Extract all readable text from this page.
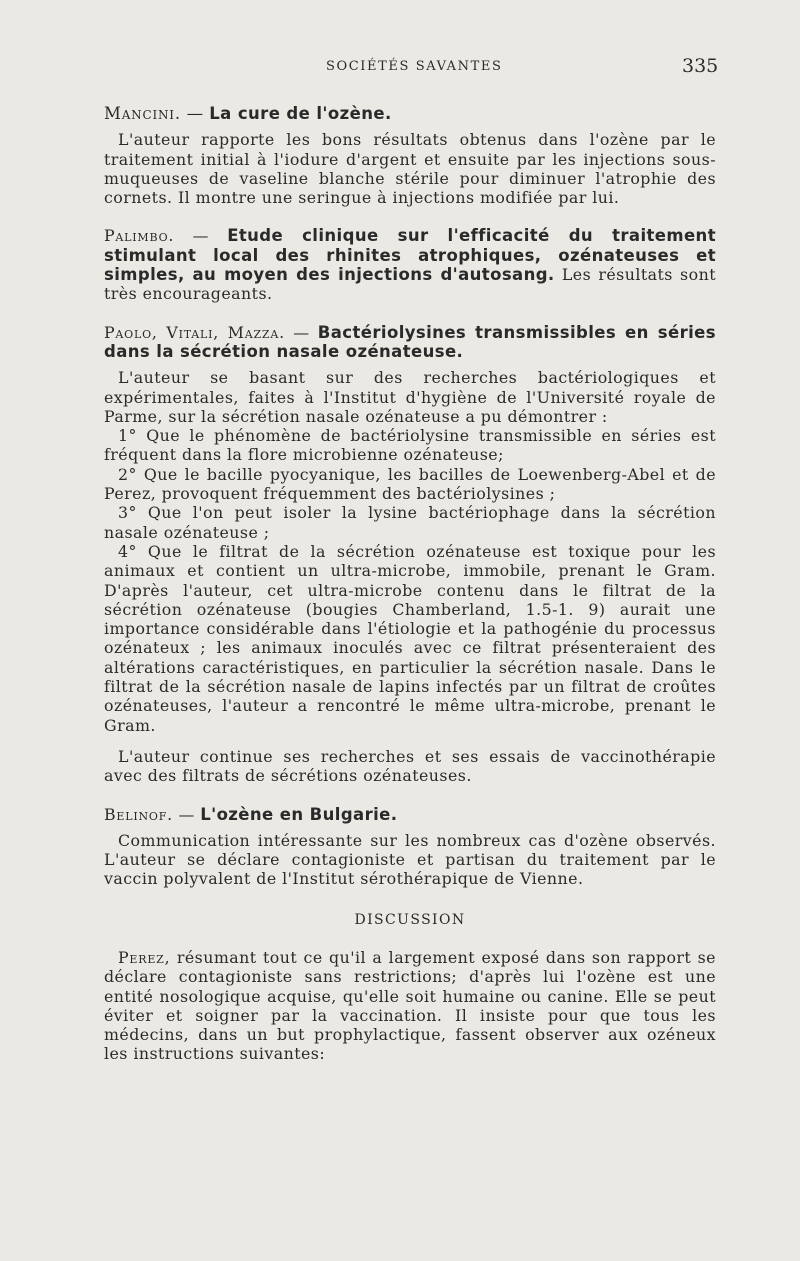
SOCIÉTÉS SAVANTES	335

Mancini. — La cure de l'ozène.

L'auteur rapporte les bons résultats obtenus dans l'ozène par le traitement initial à l'iodure d'argent et ensuite par les injections sous-muqueuses de vaseline blanche stérile pour diminuer l'atrophie des cornets. Il montre une seringue à injections modifiée par lui.

Palimbo. — Etude clinique sur l'efficacité du traitement stimulant local des rhinites atrophiques, ozénateuses et simples, au moyen des injections d'autosang. Les résultats sont très encourageants.

Paolo, Vitali, Mazza. — Bactériolysines transmissibles en séries dans la sécrétion nasale ozénateuse.

L'auteur se basant sur des recherches bactériologiques et expérimentales, faites à l'Institut d'hygiène de l'Université royale de Parme, sur la sécrétion nasale ozénateuse a pu démontrer :

1° Que le phénomène de bactériolysine transmissible en séries est fréquent dans la flore microbienne ozénateuse;

2° Que le bacille pyocyanique, les bacilles de Loewenberg-Abel et de Perez, provoquent fréquemment des bactériolysines ;

3° Que l'on peut isoler la lysine bactériophage dans la sécrétion nasale ozénateuse ;

4° Que le filtrat de la sécrétion ozénateuse est toxique pour les animaux et contient un ultra-microbe, immobile, prenant le Gram. D'après l'auteur, cet ultra-microbe contenu dans le filtrat de la sécrétion ozénateuse (bougies Chamberland, 1.5-1. 9) aurait une importance considérable dans l'étiologie et la pathogénie du processus ozénateux ; les animaux inoculés avec ce filtrat présenteraient des altérations caractéristiques, en particulier la sécrétion nasale. Dans le filtrat de la sécrétion nasale de lapins infectés par un filtrat de croûtes ozénateuses, l'auteur a rencontré le même ultra-microbe, prenant le Gram.

L'auteur continue ses recherches et ses essais de vaccinothérapie avec des filtrats de sécrétions ozénateuses.

Belinof. — L'ozène en Bulgarie.

Communication intéressante sur les nombreux cas d'ozène observés. L'auteur se déclare contagioniste et partisan du traitement par le vaccin polyvalent de l'Institut sérothérapique de Vienne.

DISCUSSION

Perez, résumant tout ce qu'il a largement exposé dans son rapport se déclare contagioniste sans restrictions; d'après lui l'ozène est une entité nosologique acquise, qu'elle soit humaine ou canine. Elle se peut éviter et soigner par la vaccination. Il insiste pour que tous les médecins, dans un but prophylactique, fassent observer aux ozéneux les instructions suivantes:
